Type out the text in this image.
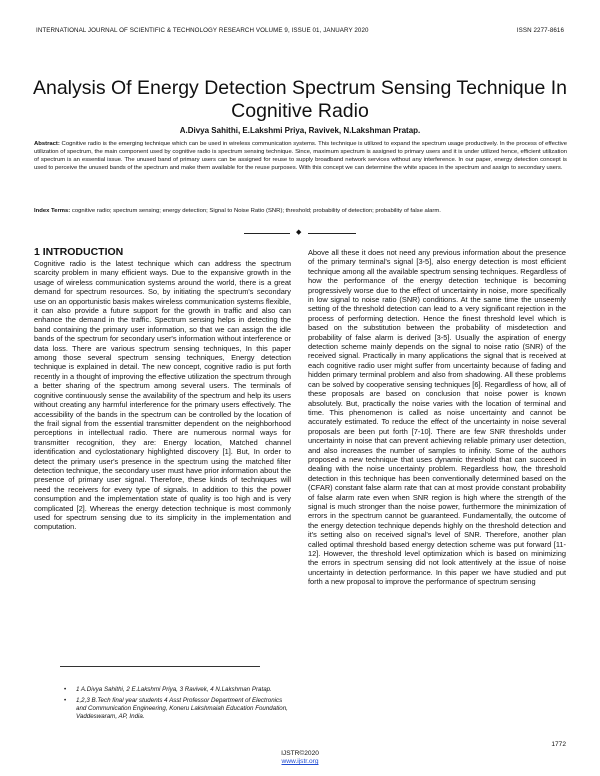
INTERNATIONAL JOURNAL OF SCIENTIFIC & TECHNOLOGY RESEARCH VOLUME 9, ISSUE 01, JANUARY 2020	ISSN 2277-8616
Analysis Of Energy Detection Spectrum Sensing Technique In Cognitive Radio
A.Divya Sahithi, E.Lakshmi Priya, Ravivek, N.Lakshman Pratap.
Abstract: Cognitive radio is the emerging technique which can be used in wireless communication systems. This technique is utilized to expand the spectrum usage productively. In the process of effective utilization of spectrum, the main component used by cognitive radio is spectrum sensing technique. Since, maximum spectrum is assigned to primary users and it is under utilized hence, efficient utilization of spectrum is an essential issue. The unused band of primary users can be assigned for reuse to supply broadband network services without any interference. In our paper, energy detection concept is used to perceive the unused bands of the spectrum and make them available for the reuse purposes. With this concept we can determine the white spaces in the spectrum and assign to secondary users.
Index Terms: cognitive radio; spectrum sensing; energy detection; Signal to Noise Ratio (SNR); threshold; probability of detection; probability of false alarm.
◆
1 INTRODUCTION

Cognitive radio is the latest technique which can address the spectrum scarcity problem in many efficient ways. Due to the expansive growth in the usage of wireless communication systems around the world, there is a great demand for spectrum resources. So, by initiating the spectrum's secondary use on an opportunistic basis makes wireless communication systems flexible, it can also provide a future support for the growth in traffic and also can enhance the demand in the traffic. Spectrum sensing helps in detecting the band containing the primary user information, so that we can assign the idle bands of the spectrum for secondary user's information without interference or data loss. There are various spectrum sensing techniques, In this paper among those several spectrum sensing techniques, Energy detection technique is explained in detail. The new concept, cognitive radio is put forth recently in a thought of improving the effective utilization the spectrum through a better sharing of the spectrum among several users. The terminals of cognitive continuously sense the availability of the spectrum and help its users without creating any harmful interference for the primary users effectively. The accessibility of the bands in the spectrum can be controlled by the location of the frail signal from the essential transmitter dependent on the neighborhood perceptions in intellectual radio. There are numerous normal ways for transmitter recognition, they are: Energy location, Matched channel identification and cyclostationary highlighted discovery [1]. But, In order to detect the primary user's presence in the spectrum using the matched filter detection technique, the secondary user must have prior information about the presence of primary user signal. Therefore, these kinds of techniques will need the receivers for every type of signals. In addition to this the power consumption and the implementation state of quality is too high and is very complicated [2]. Whereas the energy detection technique is most commonly used for spectrum sensing due to its simplicity in the implementation and computation.

Above all these it does not need any previous information about the presence of the primary terminal's signal [3-5], also energy detection is most efficient technique among all the available spectrum sensing techniques. Regardless of how the performance of the energy detection technique is becoming progressively worse due to the effect of uncertainty in noise, more specifically in low signal to noise ratio (SNR) conditions. At the same time the unseemly setting of the threshold detection can lead to a very significant rejection in the process of performing detection. Hence the finest threshold level which is based on the substitution between the probability of misdetection and probability of false alarm is derived [3-5]. Usually the aspiration of energy detection scheme mainly depends on the signal to noise ratio (SNR) of the received signal. Practically in many applications the signal that is received at each cognitive radio user might suffer from uncertainty because of fading and hidden primary terminal problem and also from shadowing. All these problems can be solved by cooperative sensing techniques [6]. Regardless of how, all of these proposals are based on conclusion that noise power is known absolutely. But, practically the noise varies with the location of terminal and time. This phenomenon is called as noise uncertainty and cannot be accurately estimated. To reduce the effect of the uncertainty in noise several proposals are been put forth [7-10]. There are few SNR thresholds under uncertainty in noise that can prevent achieving reliable primary user detection, and also increases the number of samples to infinity. Some of the authors proposed a new technique that uses dynamic threshold that can succeed in dealing with the noise uncertainty problem. Regardless how, the threshold detection in this technique has been conventionally determined based on the (CFAR) constant false alarm rate that can at most provide constant probability of false alarm rate even when SNR region is high where the strength of the signal is much stronger than the noise power, furthermore the minimization of errors in the spectrum cannot be guaranteed. Fundamentally, the outcome of the energy detection technique depends highly on the threshold detection and it's setting also on received signal's level of SNR. Therefore, another plan called optimal threshold based energy detection scheme was put forward [11-12]. However, the threshold level optimization which is based on minimizing the errors in spectrum sensing did not look attentively at the issue of noise uncertainty in detection performance. In this paper we have studied and put forth a new proposal to improve the performance of spectrum sensing

• 1 A.Divya Sahithi, 2 E.Lakshmi Priya, 3 Ravivek, 4 N.Lakshman Pratap.
• 1,2,3 B.Tech final year students 4 Asst Professor Department of Electronics and Communication Engineering, Koneru Lakshmaiah Education Foundation, Vaddeswaram, AP, India.
1772
IJSTR©2020
www.ijstr.org
